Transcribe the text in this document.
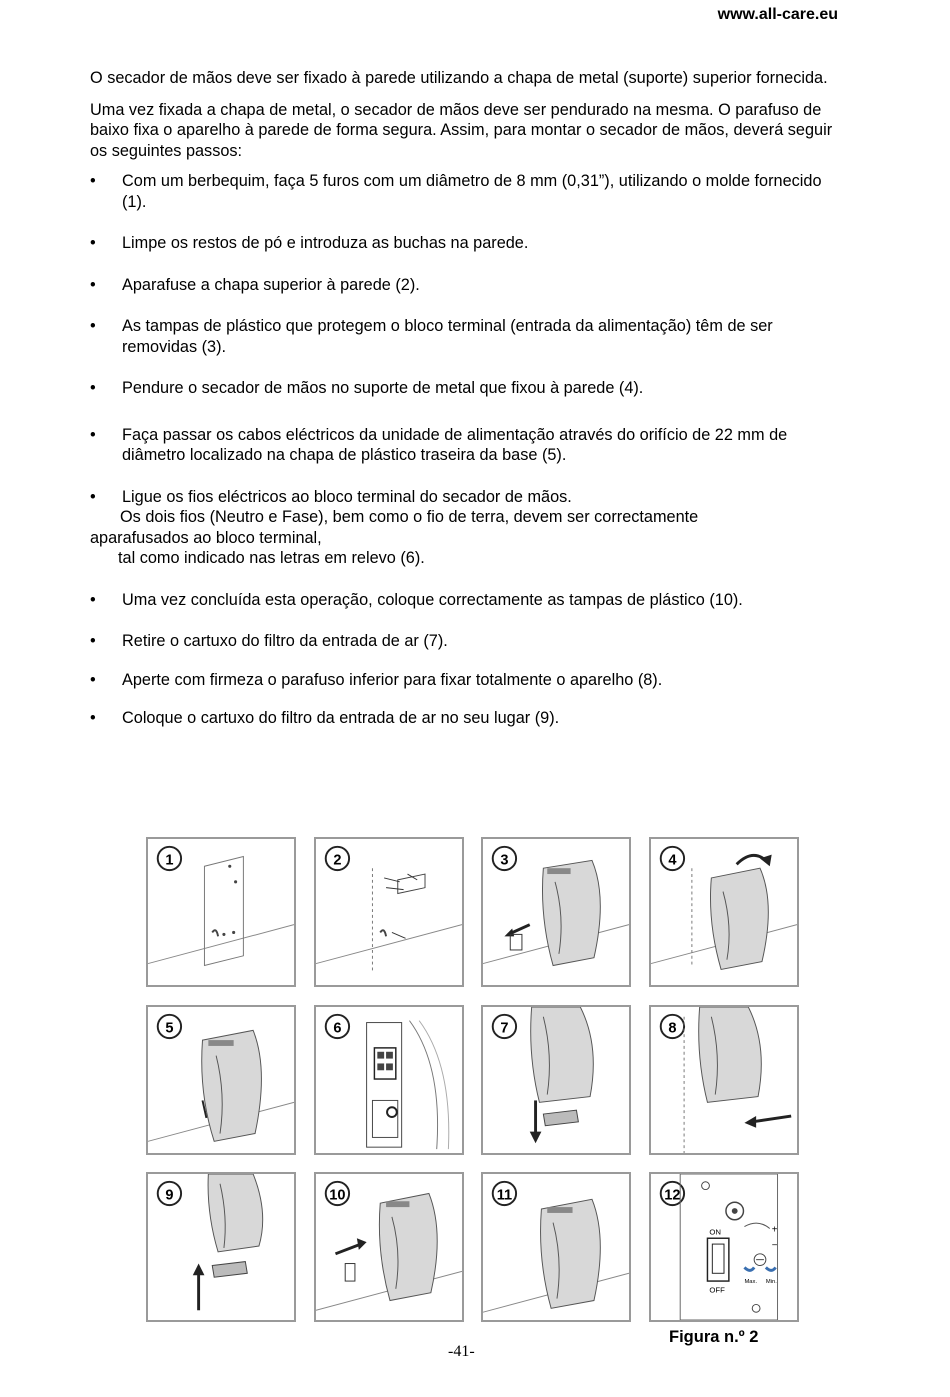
www.all-care.eu

O secador de mãos deve ser fixado à parede utilizando a chapa de metal (suporte) superior fornecida.

Uma vez fixada a chapa de metal, o secador de mãos deve ser pendurado na mesma. O parafuso de baixo fixa o aparelho à parede de forma segura. Assim, para montar o secador de mãos, deverá seguir os seguintes passos:

•	Com um berbequim, faça 5 furos com um diâmetro de 8 mm (0,31”), utilizando o molde fornecido (1).
•	Limpe os restos de pó e introduza as buchas na parede.
•	Aparafuse a chapa superior à parede (2).
•	As tampas de plástico que protegem o bloco terminal (entrada da alimentação) têm de ser removidas (3).
•	Pendure o secador de mãos no suporte de metal que fixou à parede (4).
•	Faça passar os cabos eléctricos da unidade de alimentação através do orifício de 22 mm de diâmetro localizado na chapa de plástico traseira da base (5).
•	Ligue os fios eléctricos ao bloco terminal do secador de mãos.
Os dois fios (Neutro e Fase), bem como o fio de terra, devem ser correctamente
aparafusados ao bloco terminal,
tal como indicado nas letras em relevo (6).
•	Uma vez concluída esta operação, coloque correctamente as tampas de plástico (10).
•	Retire o cartuxo do filtro da entrada de ar (7).
•	Aperte com firmeza o parafuso inferior para fixar totalmente o aparelho (8).
•	Coloque o cartuxo do filtro da entrada de ar no seu lugar (9).
1	2	3	4
5	6	7	8
9	10	11	12
ON
OFF
+
Max. Min.
−
Figura n.º 2
-41-
